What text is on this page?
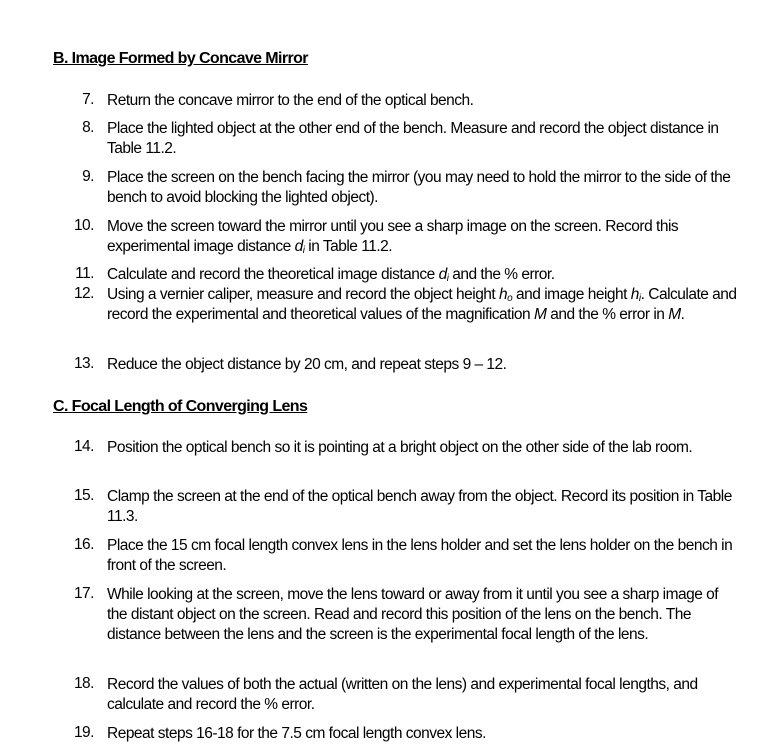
B. Image Formed by Concave Mirror
7. Return the concave mirror to the end of the optical bench.
8. Place the lighted object at the other end of the bench. Measure and record the object distance in Table 11.2.
9. Place the screen on the bench facing the mirror (you may need to hold the mirror to the side of the bench to avoid blocking the lighted object).
10. Move the screen toward the mirror until you see a sharp image on the screen. Record this experimental image distance $d_i$ in Table 11.2.
11. Calculate and record the theoretical image distance $d_i$ and the % error.
12. Using a vernier caliper, measure and record the object height $h_o$ and image height $h_i$. Calculate and record the experimental and theoretical values of the magnification M and the % error in M.
13. Reduce the object distance by 20 cm, and repeat steps 9 – 12.
C. Focal Length of Converging Lens
14. Position the optical bench so it is pointing at a bright object on the other side of the lab room.
15. Clamp the screen at the end of the optical bench away from the object. Record its position in Table 11.3.
16. Place the 15 cm focal length convex lens in the lens holder and set the lens holder on the bench in front of the screen.
17. While looking at the screen, move the lens toward or away from it until you see a sharp image of the distant object on the screen. Read and record this position of the lens on the bench. The distance between the lens and the screen is the experimental focal length of the lens.
18. Record the values of both the actual (written on the lens) and experimental focal lengths, and calculate and record the % error.
19. Repeat steps 16-18 for the 7.5 cm focal length convex lens.
